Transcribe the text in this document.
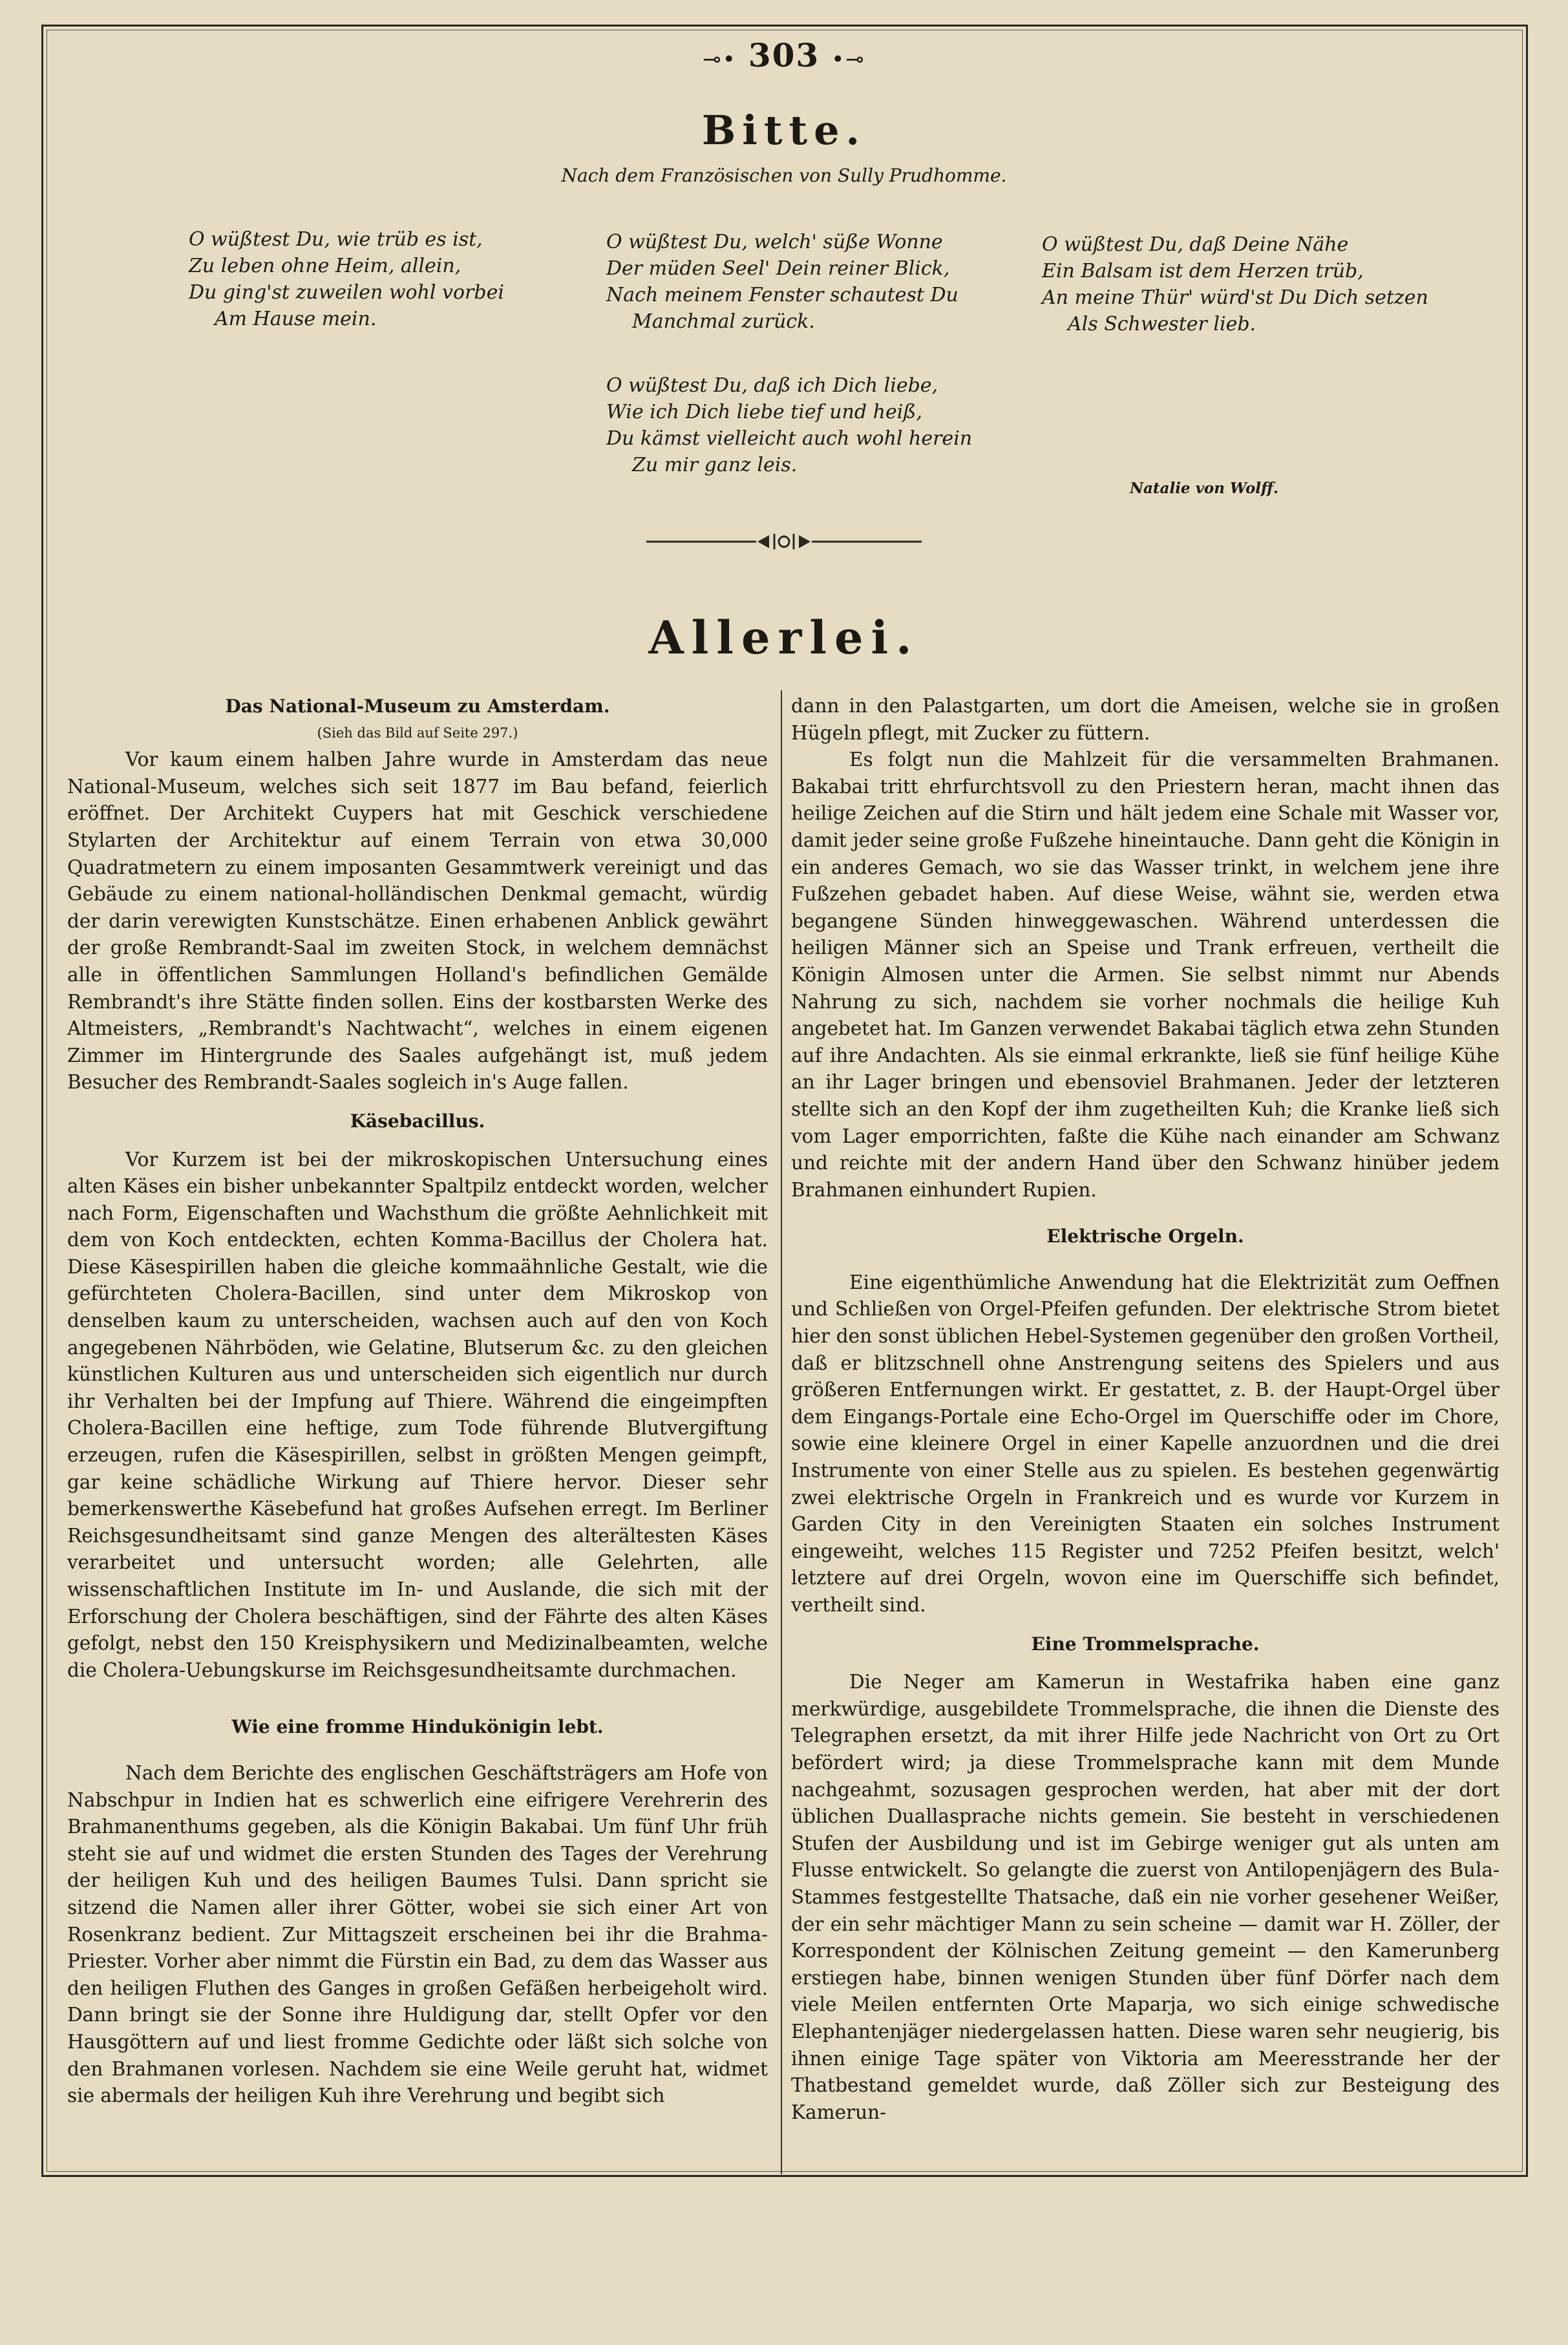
⊸• 303 •⊸
Bitte.
Nach dem Französischen von Sully Prudhomme.
O wüßtest Du, wie trüb es ist,
Zu leben ohne Heim, allein,
Du ging'st zuweilen wohl vorbei
Am Hause mein.
O wüßtest Du, welch' süße Wonne
Der müden Seel' Dein reiner Blick,
Nach meinem Fenster schautest Du
Manchmal zurück.
O wüßtest Du, daß Deine Nähe
Ein Balsam ist dem Herzen trüb,
An meine Thür' würd'st Du Dich setzen
Als Schwester lieb.
O wüßtest Du, daß ich Dich liebe,
Wie ich Dich liebe tief und heiß,
Du kämst vielleicht auch wohl herein
Zu mir ganz leis.
Natalie von Wolff.
Allerlei.

Das National-Museum zu Amsterdam.

(Sieh das Bild auf Seite 297.)

Vor kaum einem halben Jahre wurde in Amsterdam das neue National-Museum, welches sich seit 1877 im Bau befand, feierlich eröffnet. Der Architekt Cuypers hat mit Geschick verschiedene Stylarten der Architektur auf einem Terrain von etwa 30,000 Quadratmetern zu einem imposanten Gesammtwerk vereinigt und das Gebäude zu einem national-holländischen Denkmal gemacht, würdig der darin verewigten Kunstschätze. Einen erhabenen Anblick gewährt der große Rembrandt-Saal im zweiten Stock, in welchem demnächst alle in öffentlichen Sammlungen Holland's befindlichen Gemälde Rembrandt's ihre Stätte finden sollen. Eins der kostbarsten Werke des Altmeisters, „Rembrandt's Nachtwacht“, welches in einem eigenen Zimmer im Hintergrunde des Saales aufgehängt ist, muß jedem Besucher des Rembrandt-Saales sogleich in's Auge fallen.

Käsebacillus.

Vor Kurzem ist bei der mikroskopischen Untersuchung eines alten Käses ein bisher unbekannter Spaltpilz entdeckt worden, welcher nach Form, Eigenschaften und Wachsthum die größte Aehnlichkeit mit dem von Koch entdeckten, echten Komma-Bacillus der Cholera hat. Diese Käsespirillen haben die gleiche kommaähnliche Gestalt, wie die gefürchteten Cholera-Bacillen, sind unter dem Mikroskop von denselben kaum zu unterscheiden, wachsen auch auf den von Koch angegebenen Nährböden, wie Gelatine, Blutserum &c. zu den gleichen künstlichen Kulturen aus und unterscheiden sich eigentlich nur durch ihr Verhalten bei der Impfung auf Thiere. Während die eingeimpften Cholera-Bacillen eine heftige, zum Tode führende Blutvergiftung erzeugen, rufen die Käsespirillen, selbst in größten Mengen geimpft, gar keine schädliche Wirkung auf Thiere hervor. Dieser sehr bemerkenswerthe Käsebefund hat großes Aufsehen erregt. Im Berliner Reichsgesundheitsamt sind ganze Mengen des alterältesten Käses verarbeitet und untersucht worden; alle Gelehrten, alle wissenschaftlichen Institute im In- und Auslande, die sich mit der Erforschung der Cholera beschäftigen, sind der Fährte des alten Käses gefolgt, nebst den 150 Kreisphysikern und Medizinalbeamten, welche die Cholera-Uebungskurse im Reichsgesundheitsamte durchmachen.

Wie eine fromme Hindukönigin lebt.

Nach dem Berichte des englischen Geschäftsträgers am Hofe von Nabschpur in Indien hat es schwerlich eine eifrigere Verehrerin des Brahmanenthums gegeben, als die Königin Bakabai. Um fünf Uhr früh steht sie auf und widmet die ersten Stunden des Tages der Verehrung der heiligen Kuh und des heiligen Baumes Tulsi. Dann spricht sie sitzend die Namen aller ihrer Götter, wobei sie sich einer Art von Rosenkranz bedient. Zur Mittagszeit erscheinen bei ihr die Brahma-Priester. Vorher aber nimmt die Fürstin ein Bad, zu dem das Wasser aus den heiligen Fluthen des Ganges in großen Gefäßen herbeigeholt wird. Dann bringt sie der Sonne ihre Huldigung dar, stellt Opfer vor den Hausgöttern auf und liest fromme Gedichte oder läßt sich solche von den Brahmanen vorlesen. Nachdem sie eine Weile geruht hat, widmet sie abermals der heiligen Kuh ihre Verehrung und begibt sich

dann in den Palastgarten, um dort die Ameisen, welche sie in großen Hügeln pflegt, mit Zucker zu füttern.

Es folgt nun die Mahlzeit für die versammelten Brahmanen. Bakabai tritt ehrfurchtsvoll zu den Priestern heran, macht ihnen das heilige Zeichen auf die Stirn und hält jedem eine Schale mit Wasser vor, damit jeder seine große Fußzehe hineintauche. Dann geht die Königin in ein anderes Gemach, wo sie das Wasser trinkt, in welchem jene ihre Fußzehen gebadet haben. Auf diese Weise, wähnt sie, werden etwa begangene Sünden hinweggewaschen. Während unterdessen die heiligen Männer sich an Speise und Trank erfreuen, vertheilt die Königin Almosen unter die Armen. Sie selbst nimmt nur Abends Nahrung zu sich, nachdem sie vorher nochmals die heilige Kuh angebetet hat. Im Ganzen verwendet Bakabai täglich etwa zehn Stunden auf ihre Andachten. Als sie einmal erkrankte, ließ sie fünf heilige Kühe an ihr Lager bringen und ebensoviel Brahmanen. Jeder der letzteren stellte sich an den Kopf der ihm zugetheilten Kuh; die Kranke ließ sich vom Lager emporrichten, faßte die Kühe nach einander am Schwanz und reichte mit der andern Hand über den Schwanz hinüber jedem Brahmanen einhundert Rupien.

Elektrische Orgeln.

Eine eigenthümliche Anwendung hat die Elektrizität zum Oeffnen und Schließen von Orgel-Pfeifen gefunden. Der elektrische Strom bietet hier den sonst üblichen Hebel-Systemen gegenüber den großen Vortheil, daß er blitzschnell ohne Anstrengung seitens des Spielers und aus größeren Entfernungen wirkt. Er gestattet, z. B. der Haupt-Orgel über dem Eingangs-Portale eine Echo-Orgel im Querschiffe oder im Chore, sowie eine kleinere Orgel in einer Kapelle anzuordnen und die drei Instrumente von einer Stelle aus zu spielen. Es bestehen gegenwärtig zwei elektrische Orgeln in Frankreich und es wurde vor Kurzem in Garden City in den Vereinigten Staaten ein solches Instrument eingeweiht, welches 115 Register und 7252 Pfeifen besitzt, welch' letztere auf drei Orgeln, wovon eine im Querschiffe sich befindet, vertheilt sind.

Eine Trommelsprache.

Die Neger am Kamerun in Westafrika haben eine ganz merkwürdige, ausgebildete Trommelsprache, die ihnen die Dienste des Telegraphen ersetzt, da mit ihrer Hilfe jede Nachricht von Ort zu Ort befördert wird; ja diese Trommelsprache kann mit dem Munde nachgeahmt, sozusagen gesprochen werden, hat aber mit der dort üblichen Duallasprache nichts gemein. Sie besteht in verschiedenen Stufen der Ausbildung und ist im Gebirge weniger gut als unten am Flusse entwickelt. So gelangte die zuerst von Antilopenjägern des Bula-Stammes festgestellte Thatsache, daß ein nie vorher gesehener Weißer, der ein sehr mächtiger Mann zu sein scheine — damit war H. Zöller, der Korrespondent der Kölnischen Zeitung gemeint — den Kamerunberg erstiegen habe, binnen wenigen Stunden über fünf Dörfer nach dem viele Meilen entfernten Orte Maparja, wo sich einige schwedische Elephantenjäger niedergelassen hatten. Diese waren sehr neugierig, bis ihnen einige Tage später von Viktoria am Meeresstrande her der Thatbestand gemeldet wurde, daß Zöller sich zur Besteigung des Kamerun-
